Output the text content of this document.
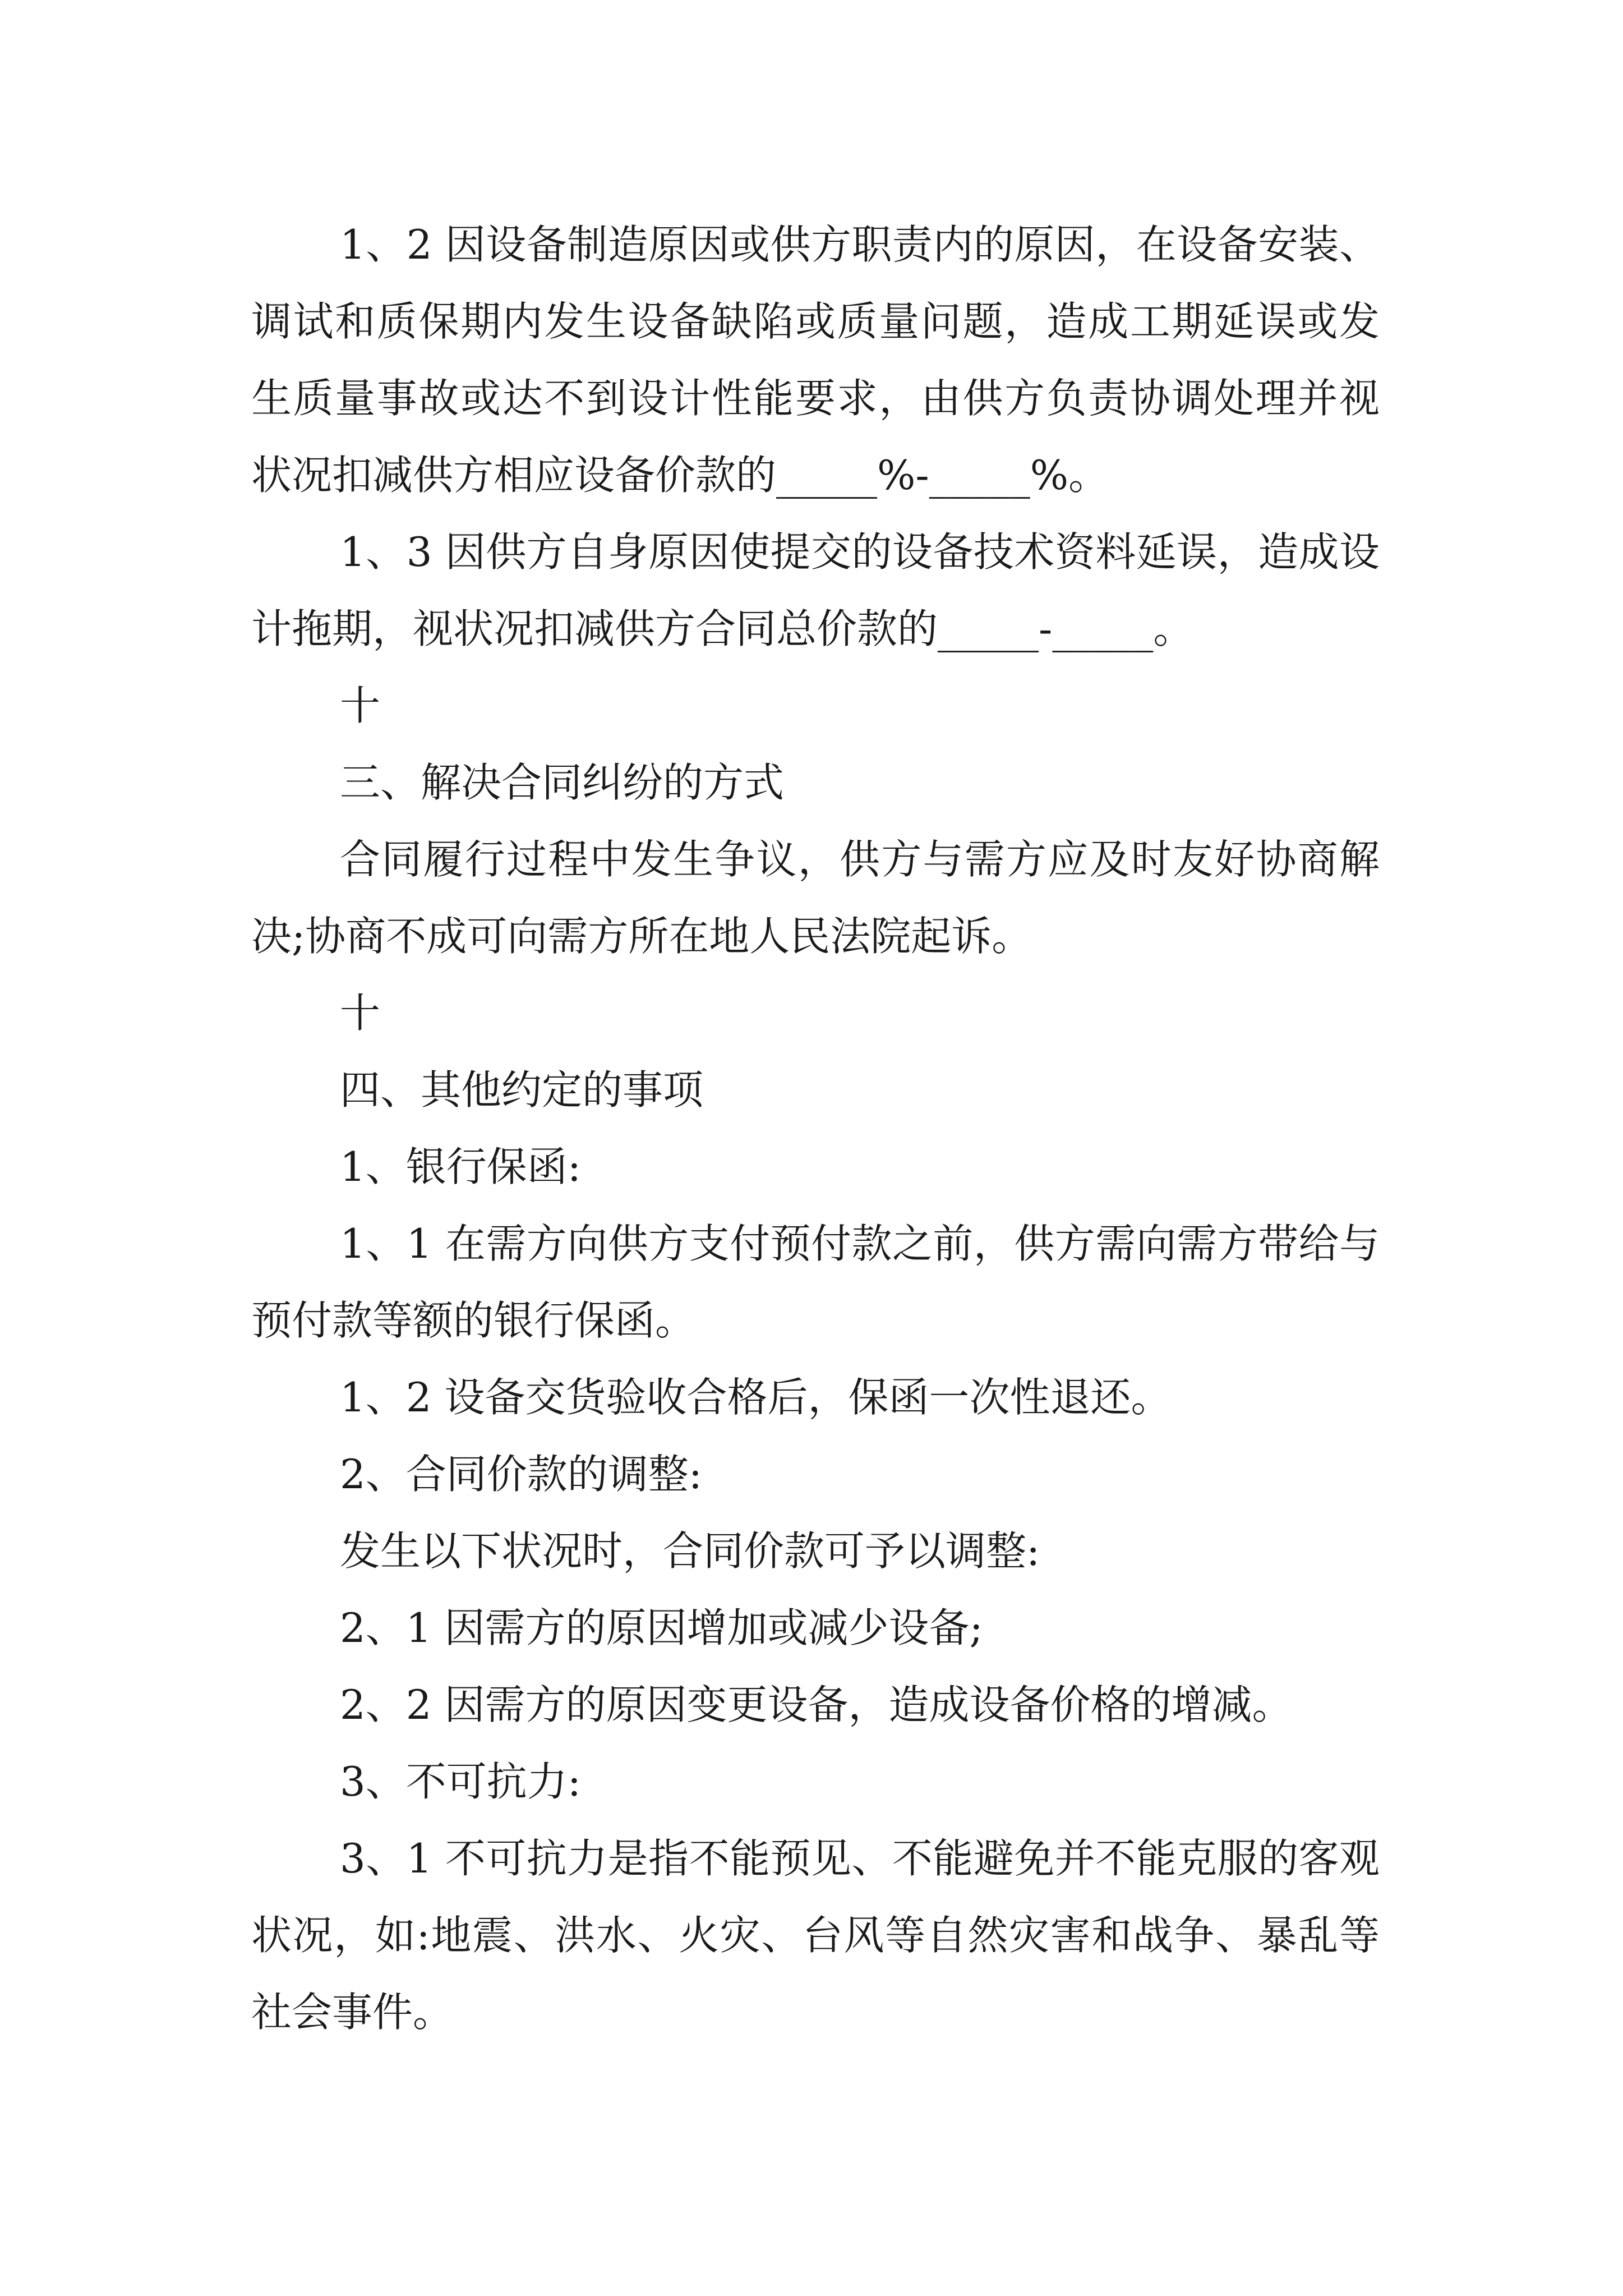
1、2 因设备制造原因或供方职责内的原因，在设备安装、调试和质保期内发生设备缺陷或质量问题，造成工期延误或发生质量事故或达不到设计性能要求，由供方负责协调处理并视状况扣减供方相应设备价款的_____%-_____%。

1、3 因供方自身原因使提交的设备技术资料延误，造成设计拖期，视状况扣减供方合同总价款的_____-_____。

十

三、解决合同纠纷的方式

合同履行过程中发生争议，供方与需方应及时友好协商解决;协商不成可向需方所在地人民法院起诉。

十

四、其他约定的事项

1、银行保函:

1、1 在需方向供方支付预付款之前，供方需向需方带给与预付款等额的银行保函。

1、2 设备交货验收合格后，保函一次性退还。

2、合同价款的调整:

发生以下状况时，合同价款可予以调整:

2、1 因需方的原因增加或减少设备;

2、2 因需方的原因变更设备，造成设备价格的增减。

3、不可抗力:

3、1 不可抗力是指不能预见、不能避免并不能克服的客观状况，如:地震、洪水、火灾、台风等自然灾害和战争、暴乱等社会事件。
